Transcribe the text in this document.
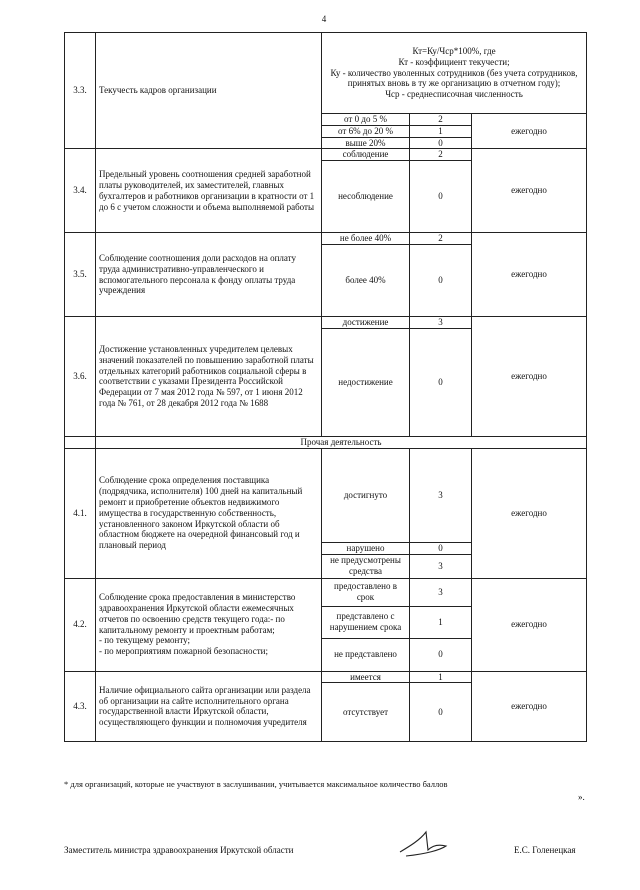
4
3.3.	Текучесть кадров организации	Кт=Ку/Чср*100%, где
Кт - коэффициент текучести;
Ку - количество уволенных сотрудников (без учета сотрудников, принятых вновь в ту же организацию в отчетном году);
Чср - среднесписочная численность		

		от 0 до 5 %	2	ежегодно
		от 6% до 20 %	1	
		выше 20%	0	
3.4.	Предельный уровень соотношения средней заработной платы руководителей, их заместителей, главных бухгалтеров и работников организации в кратности от 1 до 6 с учетом сложности и объема выполняемой работы	соблюдение	2	ежегодно
		несоблюдение	0	
3.5.	Соблюдение соотношения доли расходов на оплату труда административно-управленческого и вспомогательного персонала к фонду оплаты труда учреждения	не более 40%	2	ежегодно
		более 40%	0	
3.6.	Достижение установленных учредителем целевых значений показателей по повышению заработной платы отдельных категорий работников социальной сферы в соответствии с указами Президента Российской Федерации от 7 мая 2012 года № 597, от 1 июня 2012 года № 761, от 28 декабря 2012 года № 1688	достижение	3	ежегодно
		недостижение	0	
	Прочая деятельность			
4.1.	Соблюдение срока определения поставщика (подрядчика, исполнителя) 100 дней на капитальный ремонт и приобретение объектов недвижимого имущества в государственную собственность, установленного законом Иркутской области об областном бюджете на очередной финансовый год и плановый период	достигнуто	3	ежегодно
		нарушено	0	
		не предусмотрены средства	3	
4.2.	Соблюдение срока предоставления в министерство здравоохранения Иркутской области ежемесячных отчетов по освоению средств текущего года:- по капитальному ремонту и проектным работам;
- по текущему ремонту;
- по мероприятиям пожарной безопасности;	предоставлено в срок	3	ежегодно
		представлено с нарушением срока	1	
		не представлено	0	
4.3.	Наличие официального сайта организации или раздела об организации на сайте исполнительного органа государственной власти Иркутской области, осуществляющего функции и полномочия учредителя	имеется	1	ежегодно
		отсутствует	0	
* для организаций, которые не участвуют в заслушивании, учитывается максимальное количество баллов
».
Заместитель министра здравоохранения Иркутской области	Е.С. Голенецкая
